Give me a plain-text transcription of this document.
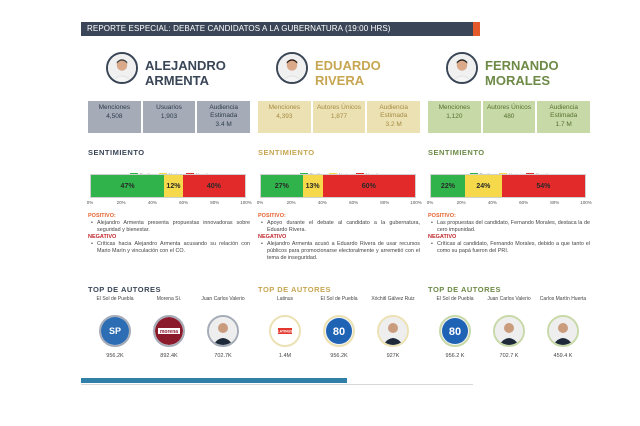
REPORTE ESPECIAL: DEBATE CANDIDATOS A LA GUBERNATURA (19:00 HRS)
ALEJANDRO
ARMENTA
Menciones
4,508
Usuarios
1,903
Audiencia Estimada
3.4 M
SENTIMIENTO
47%	12%	40%
0%	20%	40%	60%	80%	100%
POSITIVO:
• Alejandro Armenta presenta propuestas innovadoras sobre seguridad y bienestar.
NEGATIVO
• Críticas hacia Alejandro Armenta acusando su relación con Mario Marín y vinculación con el CO.
TOP DE AUTORES
El Sol de Puebla
SP
956.2K
Morena Sí.
morena
892.4K
Juan Carlos Valerio
702.7K
EDUARDO
RIVERA
Menciones
4,393
Autores Únicos
1,877
Audiencia Estimada
3.2 M
SENTIMIENTO
27%	13%	60%
0%	20%	40%	60%	80%	100%
POSITIVO:
• Apoyo durante el debate al candidato a la gubernatura, Eduardo Rivera.
NEGATIVO
• Alejandro Armenta acusó a Eduardo Rivera de usar recursos públicos para promocionarse electoralmente y arremetió con el tema de inseguridad.
TOP DE AUTORES
Latinus
LATINUS
1.4M
El Sol de Puebla
80
956.2K
Xóchitl Gálvez Ruiz
927K
FERNANDO
MORALES
Menciones
1,120
Autores Únicos
480
Audiencia Estimada
1.7 M
SENTIMIENTO
22%	24%	54%
0%	20%	40%	60%	80%	100%
POSITIVO:
• Las propuestas del candidato, Fernando Morales, destaca la de cero impunidad.
NEGATIVO
• Críticas al candidato, Fernando Morales, debido a que tanto el como su papá fueron del PRI.
TOP DE AUTORES
El Sol de Puebla
80
956.2 K
Juan Carlos Valerio
702.7 K
Carlos Martín Huerta
459.4 K
